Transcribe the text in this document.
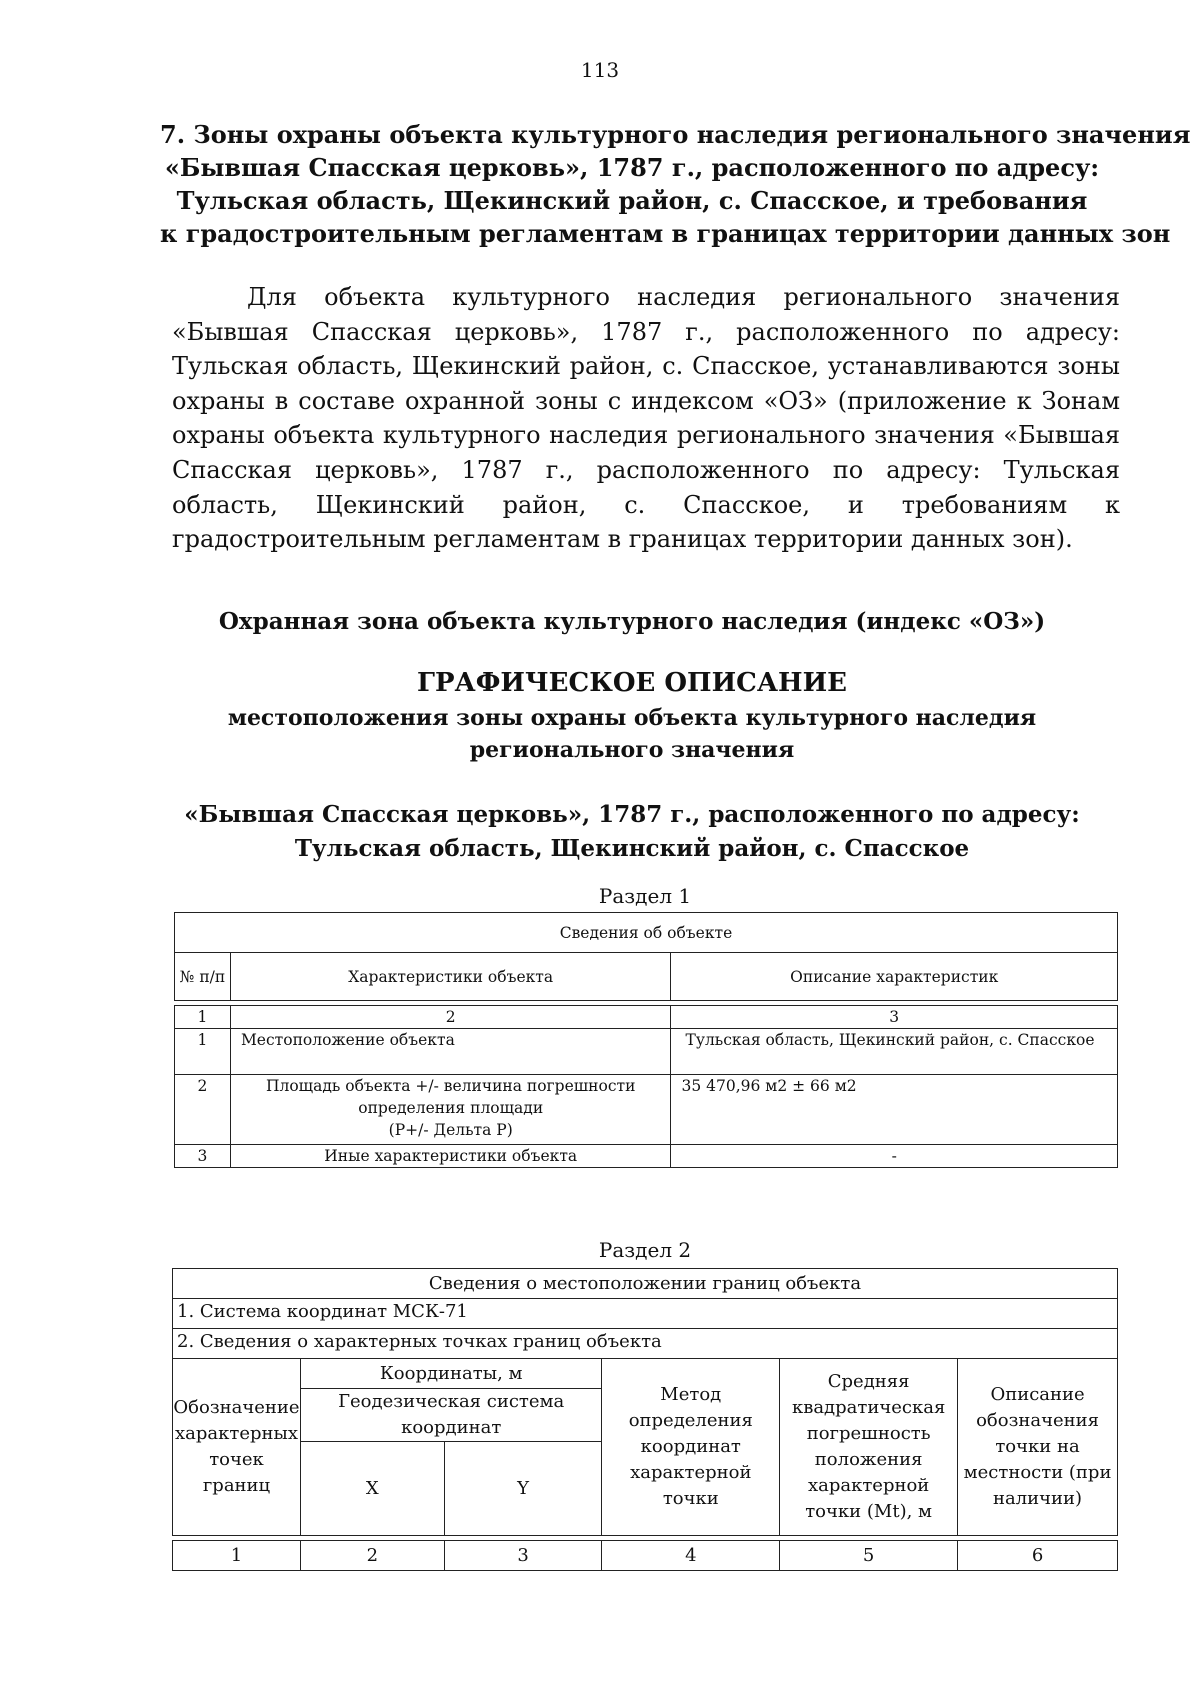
113
7. Зоны охраны объекта культурного наследия регионального значения
«Бывшая Спасская церковь», 1787 г., расположенного по адресу:
Тульская область, Щекинский район, с. Спасское, и требования
к градостроительным регламентам в границах территории данных зон
Для объекта культурного наследия регионального значения «Бывшая Спасская церковь», 1787 г., расположенного по адресу: Тульская область, Щекинский район, с. Спасское, устанавливаются зоны охраны в составе охранной зоны с индексом «ОЗ» (приложение к Зонам охраны объекта культурного наследия регионального значения «Бывшая Спасская церковь», 1787 г., расположенного по адресу: Тульская область, Щекинский район, с. Спасское, и требованиям к градостроительным регламентам в границах территории данных зон).
Охранная зона объекта культурного наследия (индекс «ОЗ»)
ГРАФИЧЕСКОЕ ОПИСАНИЕ
местоположения зоны охраны объекта культурного наследия
регионального значения
«Бывшая Спасская церковь», 1787 г., расположенного по адресу:
Тульская область, Щекинский район, с. Спасское
Раздел 1
Сведения об объекте		
№ п/п	Характеристики объекта	Описание характеристик

1	2	3
1	Местоположение объекта	Тульская область, Щекинский район, с. Спасское
2	Площадь объекта +/- величина погрешности
определения площади
(P+/- Дельта P)	35 470,96 м2 ± 66 м2
3	Иные характеристики объекта	-
Раздел 2
Сведения о местоположении границ объекта					
1. Система координат МСК-71					
2. Сведения о характерных точках границ объекта					
Обозначение характерных точек границ	Координаты, м		Метод определения координат характерной точки	Средняя квадратическая погрешность положения характерной точки (Mt), м	Описание обозначения точки на местности (при наличии)
	Геодезическая система координат				
	X	Y			

1	2	3	4	5	6
